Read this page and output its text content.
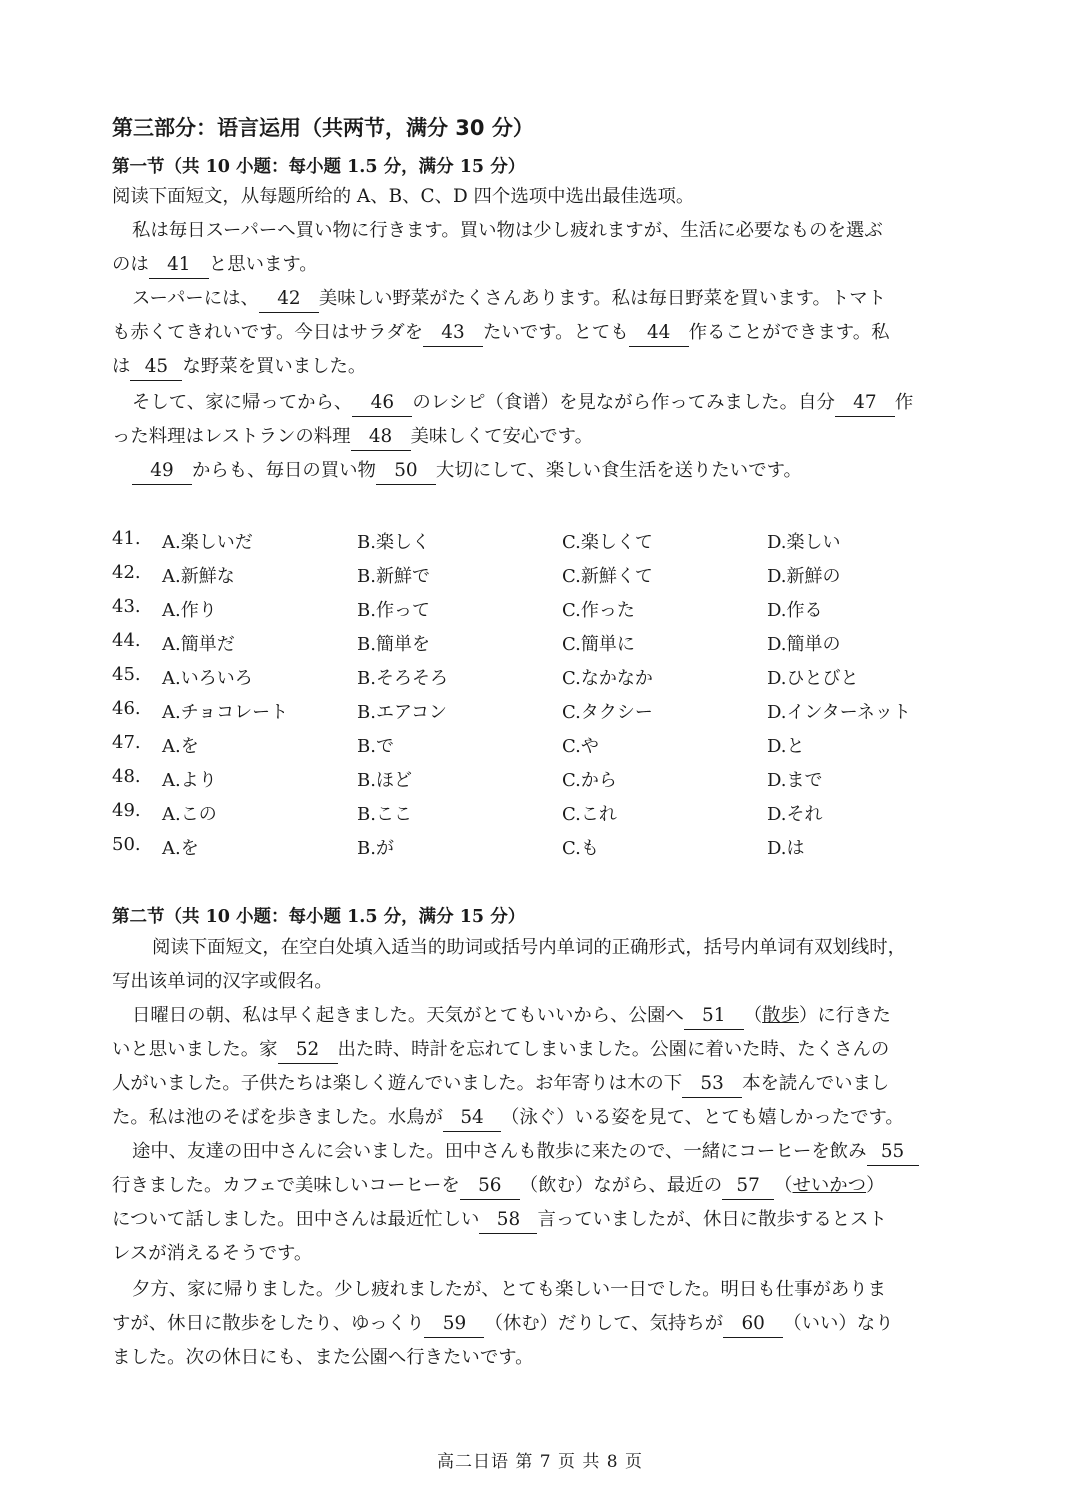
第三部分：语言运用（共两节，满分 30 分）
第一节（共 10 小题：每小题 1.5 分，满分 15 分）
阅读下面短文，从每题所给的 A、B、C、D 四个选项中选出最佳选项。
私は毎日スーパーへ買い物に行きます。買い物は少し疲れますが、生活に必要なものを選ぶ
のは 41 と思います。
スーパーには、 42 美味しい野菜がたくさんあります。私は毎日野菜を買います。トマト
も赤くてきれいです。今日はサラダを 43 たいです。とても 44 作ることができます。私
は 45 な野菜を買いました。
そして、家に帰ってから、 46 のレシピ（食谱）を見ながら作ってみました。自分 47 作
った料理はレストランの料理 48 美味しくて安心です。
49 からも、毎日の買い物 50 大切にして、楽しい食生活を送りたいです。
41. A.楽しいだ	B.楽しく	C.楽しくて	D.楽しい
42. A.新鮮な	B.新鮮で	C.新鮮くて	D.新鮮の
43. A.作り	B.作って	C.作った	D.作る
44. A.簡単だ	B.簡単を	C.簡単に	D.簡単の
45. A.いろいろ	B.そろそろ	C.なかなか	D.ひとびと
46. A.チョコレート	B.エアコン	C.タクシー	D.インターネット
47. A.を	B.で	C.や	D.と
48. A.より	B.ほど	C.から	D.まで
49. A.この	B.ここ	C.これ	D.それ
50. A.を	B.が	C.も	D.は
第二节（共 10 小题：每小题 1.5 分，满分 15 分）
阅读下面短文，在空白处填入适当的助词或括号内单词的正确形式，括号内单词有双划线时，
写出该单词的汉字或假名。
日曜日の朝、私は早く起きました。天気がとてもいいから、公園へ 51 （散歩）に行きた
いと思いました。家 52 出た時、時計を忘れてしまいました。公園に着いた時、たくさんの
人がいました。子供たちは楽しく遊んでいました。お年寄りは木の下 53 本を読んでいまし
た。私は池のそばを歩きました。水鳥が 54 （泳ぐ）いる姿を見て、とても嬉しかったです。
途中、友達の田中さんに会いました。田中さんも散歩に来たので、一緒にコーヒーを飲み 55
行きました。カフェで美味しいコーヒーを 56 （飲む）ながら、最近の 57 （せいかつ）
について話しました。田中さんは最近忙しい 58 言っていましたが、休日に散歩するとスト
レスが消えるそうです。
夕方、家に帰りました。少し疲れましたが、とても楽しい一日でした。明日も仕事がありま
すが、休日に散歩をしたり、ゆっくり 59 （休む）だりして、気持ちが 60 （いい）なり
ました。次の休日にも、また公園へ行きたいです。
高二日语 第 7 页 共 8 页
